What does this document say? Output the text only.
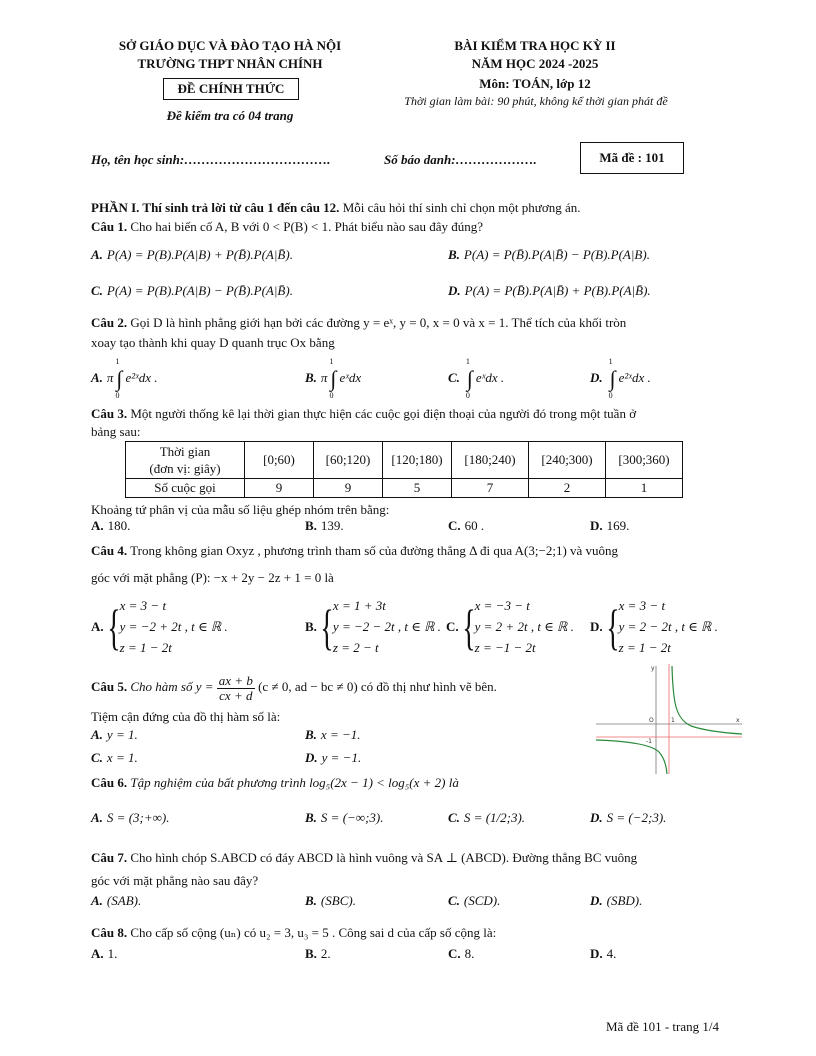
SỞ GIÁO DỤC VÀ ĐÀO TẠO HÀ NỘI
TRƯỜNG THPT NHÂN CHÍNH
ĐỀ CHÍNH THỨC
Đề kiểm tra có 04 trang
BÀI KIỂM TRA HỌC KỲ II
NĂM HỌC 2024 -2025
Môn: TOÁN, lớp 12
Thời gian làm bài: 90 phút, không kể thời gian phát đề
Họ, tên học sinh:…………………………….	Số báo danh:……………….	Mã đề : 101
PHẦN I. Thí sinh trả lời từ câu 1 đến câu 12. Mỗi câu hỏi thí sinh chỉ chọn một phương án.
Câu 1. Cho hai biến cố A, B với 0 < P(B) < 1. Phát biểu nào sau đây đúng?
A. P(A) = P(B).P(A|B) + P(B̄).P(A|B̄).	B. P(A) = P(B̄).P(A|B̄) − P(B).P(A|B).
C. P(A) = P(B).P(A|B) − P(B̄).P(A|B̄).	D. P(A) = P(B̄).P(A|B̄) + P(B).P(A|B̄).
Câu 2. Gọi D là hình phẳng giới hạn bởi các đường y = eˣ, y = 0, x = 0 và x = 1. Thể tích của khối tròn
xoay tạo thành khi quay D quanh trục Ox bằng
A. π ∫
1
0
e²ˣdx .	B. π ∫
1
0
eˣdx	C. ∫
1
0
eˣdx .	D. ∫
1
0
e²ˣdx .
Câu 3. Một người thống kê lại thời gian thực hiện các cuộc gọi điện thoại của người đó trong một tuần ở
bảng sau:
Thời gian
(đơn vị: giây)	[0;60)	[60;120)	[120;180)	[180;240)	[240;300)	[300;360)
Số cuộc gọi	9	9	5	7	2	1
Khoảng tứ phân vị của mẫu số liệu ghép nhóm trên bằng:
A. 180.	B. 139.	C. 60 .	D. 169.
Câu 4. Trong không gian Oxyz , phương trình tham số của đường thẳng Δ đi qua A(3;−2;1) và vuông
góc với mặt phẳng (P): −x + 2y − 2z + 1 = 0 là
A.{ x = 3 − t
y = −2 + 2t , t ∈ ℝ .
z = 1 − 2t
B.{ x = 1 + 3t
y = −2 − 2t , t ∈ ℝ .
z = 2 − t
C.{ x = −3 − t
y = 2 + 2t , t ∈ ℝ .
z = −1 − 2t
D.{ x = 3 − t
y = 2 − 2t , t ∈ ℝ .
z = 1 − 2t
Câu 5. Cho hàm số $y = \frac{ax + b}{cx + d} (c \ne 0$, ad − bc ≠ 0) có đồ thị như hình vẽ bên.
Tiệm cận đứng của đồ thị hàm số là:
A. y = 1.	B. x = −1.
C. x = 1.	D. y = −1.
O	1
-1
y
x
Câu 6. Tập nghiệm của bất phương trình log₅(2x − 1) < log₅(x + 2) là
A. S = (3;+∞).	B. S = (−∞;3).	C. S = (1/2;3).	D. S = (−2;3).
Câu 7. Cho hình chóp S.ABCD có đáy ABCD là hình vuông và SA ⊥ (ABCD). Đường thẳng BC vuông
góc với mặt phẳng nào sau đây?
A. (SAB).	B. (SBC).	C. (SCD).	D. (SBD).
Câu 8. Cho cấp số cộng (uₙ) có u₂ = 3, u₃ = 5 . Công sai d của cấp số cộng là:
A. 1.	B. 2.	C. 8.	D. 4.
Mã đề 101 - trang 1/4
